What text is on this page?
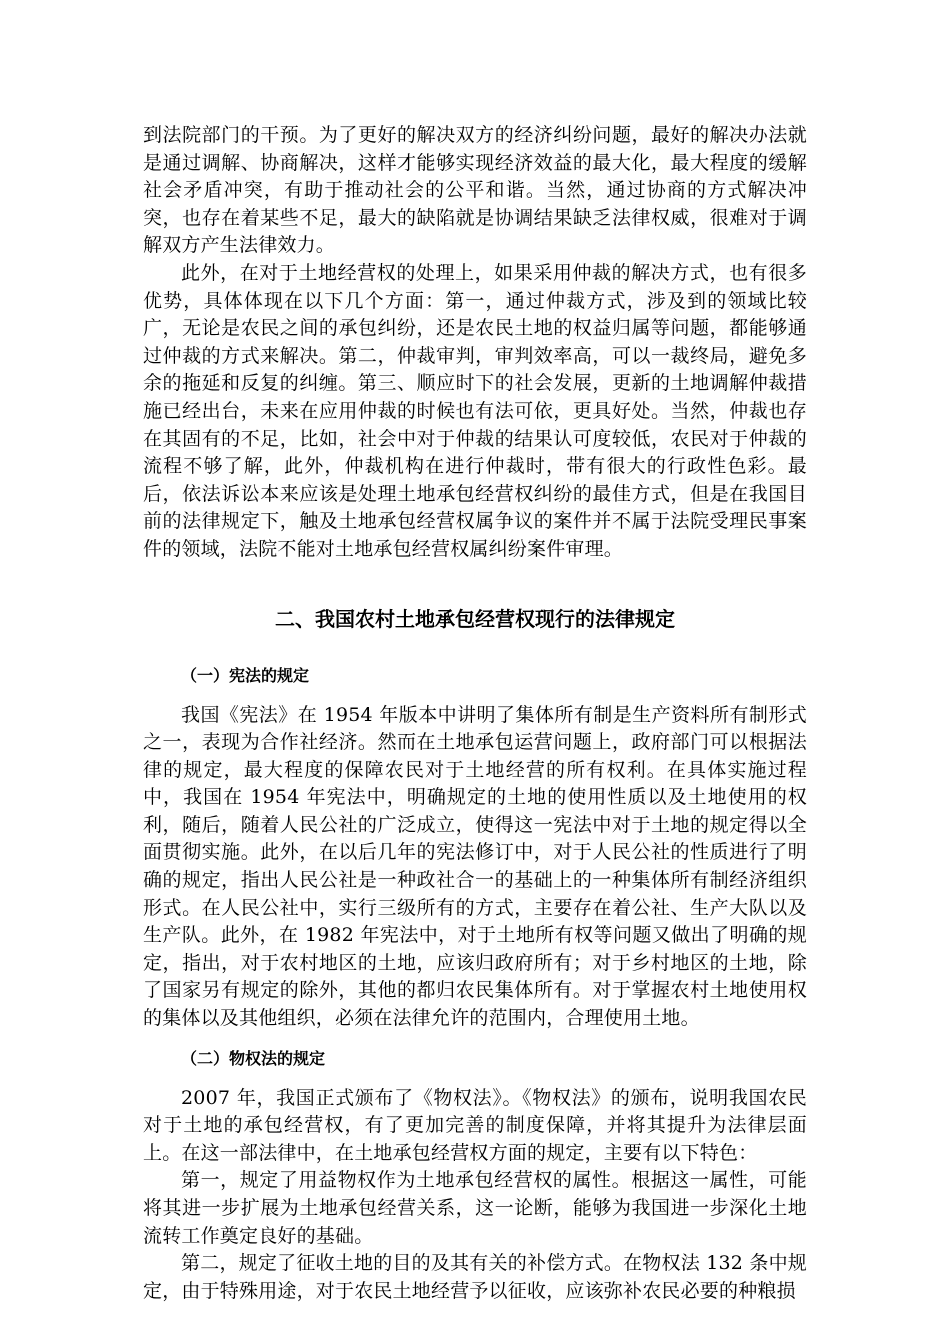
到法院部门的干预。为了更好的解决双方的经济纠纷问题，最好的解决办法就是通过调解、协商解决，这样才能够实现经济效益的最大化，最大程度的缓解社会矛盾冲突，有助于推动社会的公平和谐。当然，通过协商的方式解决冲突，也存在着某些不足，最大的缺陷就是协调结果缺乏法律权威，很难对于调解双方产生法律效力。

此外，在对于土地经营权的处理上，如果采用仲裁的解决方式，也有很多优势，具体体现在以下几个方面：第一，通过仲裁方式，涉及到的领域比较广，无论是农民之间的承包纠纷，还是农民土地的权益归属等问题，都能够通过仲裁的方式来解决。第二，仲裁审判，审判效率高，可以一裁终局，避免多余的拖延和反复的纠缠。第三、顺应时下的社会发展，更新的土地调解仲裁措施已经出台，未来在应用仲裁的时候也有法可依，更具好处。当然，仲裁也存在其固有的不足，比如，社会中对于仲裁的结果认可度较低，农民对于仲裁的流程不够了解，此外，仲裁机构在进行仲裁时，带有很大的行政性色彩。最后，依法诉讼本来应该是处理土地承包经营权纠纷的最佳方式，但是在我国目前的法律规定下，触及土地承包经营权属争议的案件并不属于法院受理民事案件的领域，法院不能对土地承包经营权属纠纷案件审理。

二、我国农村土地承包经营权现行的法律规定
（一）宪法的规定

我国《宪法》在 1954 年版本中讲明了集体所有制是生产资料所有制形式之一，表现为合作社经济。然而在土地承包运营问题上，政府部门可以根据法律的规定，最大程度的保障农民对于土地经营的所有权利。在具体实施过程中，我国在 1954 年宪法中，明确规定的土地的使用性质以及土地使用的权利，随后，随着人民公社的广泛成立，使得这一宪法中对于土地的规定得以全面贯彻实施。此外，在以后几年的宪法修订中，对于人民公社的性质进行了明确的规定，指出人民公社是一种政社合一的基础上的一种集体所有制经济组织形式。在人民公社中，实行三级所有的方式，主要存在着公社、生产大队以及生产队。此外，在 1982 年宪法中，对于土地所有权等问题又做出了明确的规定，指出，对于农村地区的土地，应该归政府所有；对于乡村地区的土地，除了国家另有规定的除外，其他的都归农民集体所有。对于掌握农村土地使用权的集体以及其他组织，必须在法律允许的范围内，合理使用土地。

（二）物权法的规定

2007 年，我国正式颁布了《物权法》。《物权法》的颁布，说明我国农民对于土地的承包经营权，有了更加完善的制度保障，并将其提升为法律层面上。在这一部法律中，在土地承包经营权方面的规定，主要有以下特色：

第一，规定了用益物权作为土地承包经营权的属性。根据这一属性，可能将其进一步扩展为土地承包经营关系，这一论断，能够为我国进一步深化土地流转工作奠定良好的基础。

第二，规定了征收土地的目的及其有关的补偿方式。在物权法 132 条中规定，由于特殊用途，对于农民土地经营予以征收，应该弥补农民必要的种粮损
